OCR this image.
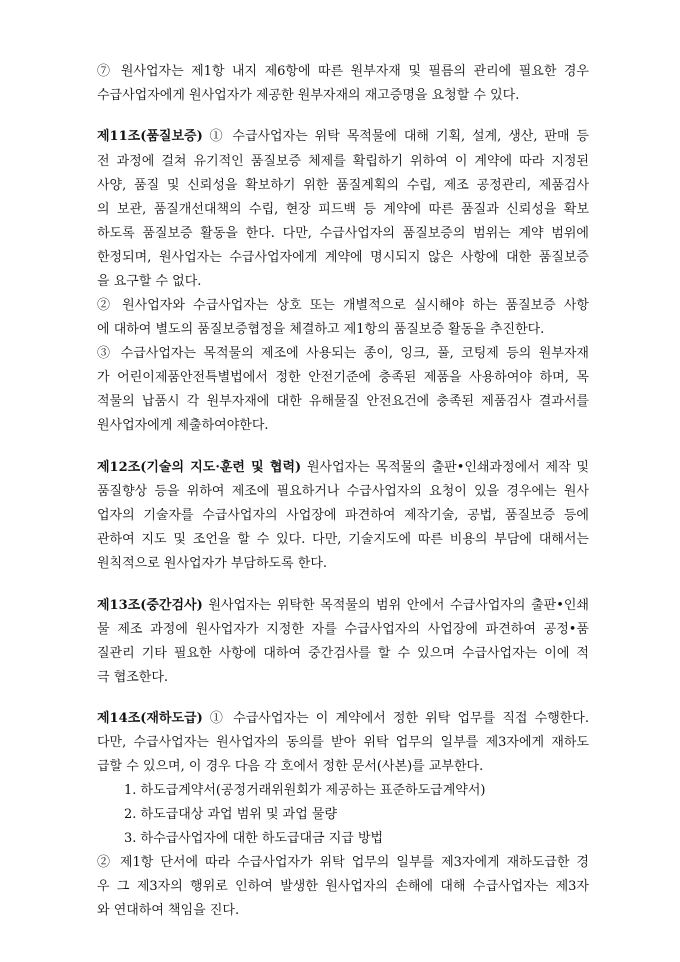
⑦ 원사업자는 제1항 내지 제6항에 따른 원부자재 및 필름의 관리에 필요한 경우
수급사업자에게 원사업자가 제공한 원부자재의 재고증명을 요청할 수 있다.
제11조(품질보증) ① 수급사업자는 위탁 목적물에 대해 기획, 설계, 생산, 판매 등
전 과정에 걸쳐 유기적인 품질보증 체제를 확립하기 위하여 이 계약에 따라 지정된
사양, 품질 및 신뢰성을 확보하기 위한 품질계획의 수립, 제조 공정관리, 제품검사
의 보관, 품질개선대책의 수립, 현장 피드백 등 계약에 따른 품질과 신뢰성을 확보
하도록 품질보증 활동을 한다. 다만, 수급사업자의 품질보증의 범위는 계약 범위에
한정되며, 원사업자는 수급사업자에게 계약에 명시되지 않은 사항에 대한 품질보증
을 요구할 수 없다.
② 원사업자와 수급사업자는 상호 또는 개별적으로 실시해야 하는 품질보증 사항
에 대하여 별도의 품질보증협정을 체결하고 제1항의 품질보증 활동을 추진한다.
③ 수급사업자는 목적물의 제조에 사용되는 종이, 잉크, 풀, 코팅제 등의 원부자재
가 어린이제품안전특별법에서 정한 안전기준에 충족된 제품을 사용하여야 하며, 목
적물의 납품시 각 원부자재에 대한 유해물질 안전요건에 충족된 제품검사 결과서를
원사업자에게 제출하여야한다.
제12조(기술의 지도·훈련 및 협력) 원사업자는 목적물의 출판•인쇄과정에서 제작 및
품질향상 등을 위하여 제조에 필요하거나 수급사업자의 요청이 있을 경우에는 원사
업자의 기술자를 수급사업자의 사업장에 파견하여 제작기술, 공법, 품질보증 등에
관하여 지도 및 조언을 할 수 있다. 다만, 기술지도에 따른 비용의 부담에 대해서는
원칙적으로 원사업자가 부담하도록 한다.
제13조(중간검사) 원사업자는 위탁한 목적물의 범위 안에서 수급사업자의 출판•인쇄
물 제조 과정에 원사업자가 지정한 자를 수급사업자의 사업장에 파견하여 공정•품
질관리 기타 필요한 사항에 대하여 중간검사를 할 수 있으며 수급사업자는 이에 적
극 협조한다.
제14조(재하도급) ① 수급사업자는 이 계약에서 정한 위탁 업무를 직접 수행한다.
다만, 수급사업자는 원사업자의 동의를 받아 위탁 업무의 일부를 제3자에게 재하도
급할 수 있으며, 이 경우 다음 각 호에서 정한 문서(사본)를 교부한다.
1. 하도급계약서(공정거래위원회가 제공하는 표준하도급계약서)
2. 하도급대상 과업 범위 및 과업 물량
3. 하수급사업자에 대한 하도급대금 지급 방법
② 제1항 단서에 따라 수급사업자가 위탁 업무의 일부를 제3자에게 재하도급한 경
우 그 제3자의 행위로 인하여 발생한 원사업자의 손해에 대해 수급사업자는 제3자
와 연대하여 책임을 진다.
